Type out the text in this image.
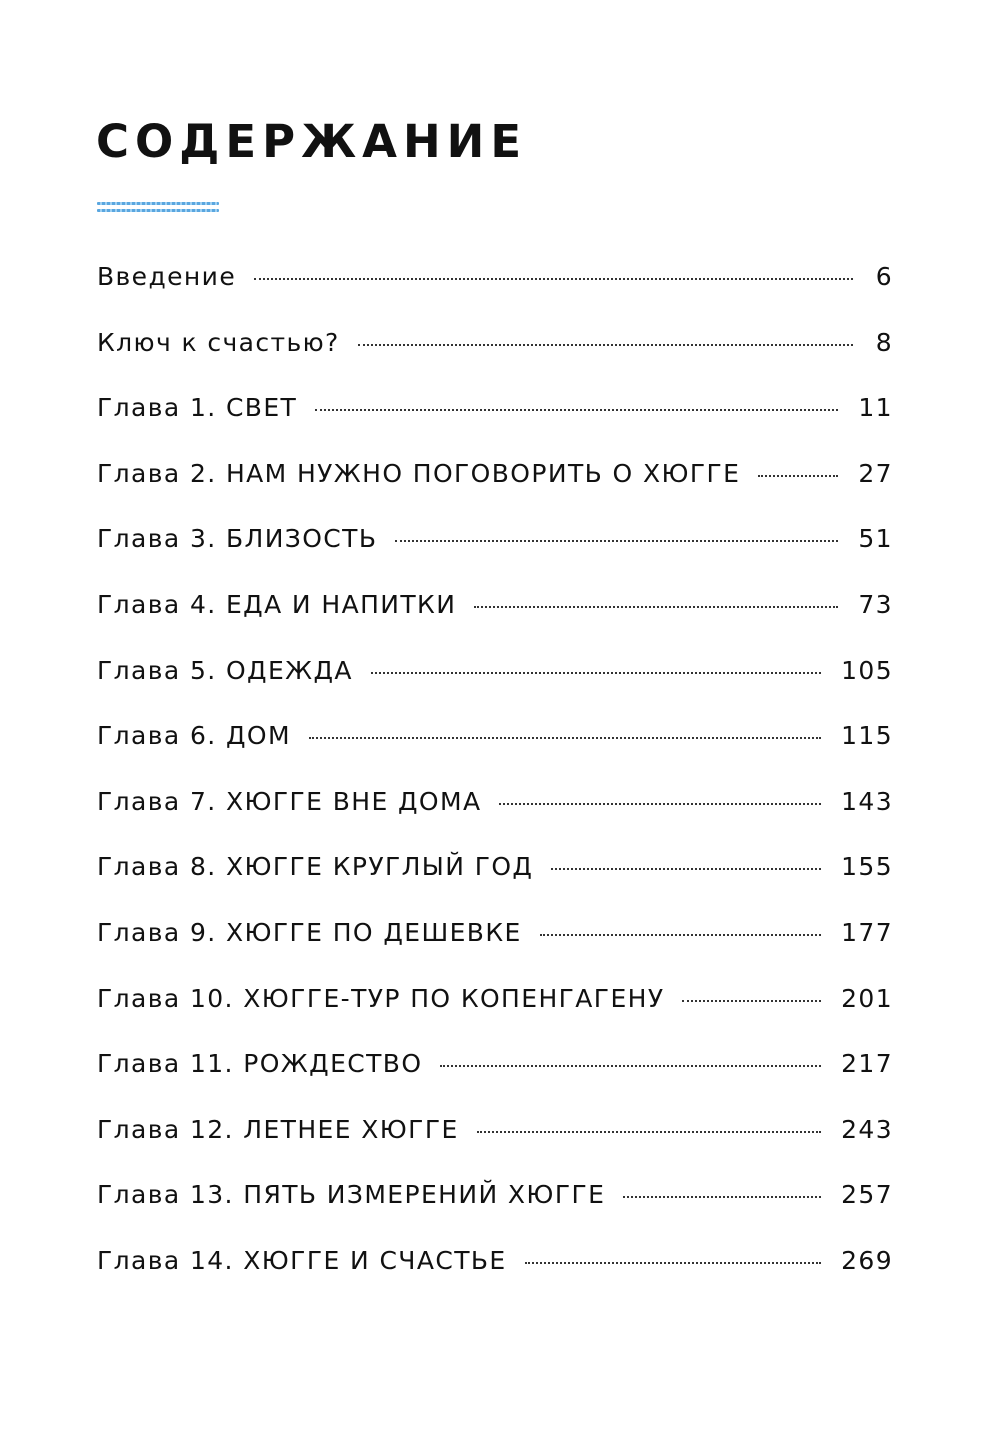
СОДЕРЖАНИЕ
Введение	6
Ключ к счастью?	8
Глава 1. СВЕТ	11
Глава 2. НАМ НУЖНО ПОГОВОРИТЬ О ХЮГГЕ	27
Глава 3. БЛИЗОСТЬ	51
Глава 4. ЕДА И НАПИТКИ	73
Глава 5. ОДЕЖДА	105
Глава 6. ДОМ	115
Глава 7. ХЮГГЕ ВНЕ ДОМА	143
Глава 8. ХЮГГЕ КРУГЛЫЙ ГОД	155
Глава 9. ХЮГГЕ ПО ДЕШЕВКЕ	177
Глава 10. ХЮГГЕ-ТУР ПО КОПЕНГАГЕНУ	201
Глава 11. РОЖДЕСТВО	217
Глава 12. ЛЕТНЕЕ ХЮГГЕ	243
Глава 13. ПЯТЬ ИЗМЕРЕНИЙ ХЮГГЕ	257
Глава 14. ХЮГГЕ И СЧАСТЬЕ	269
